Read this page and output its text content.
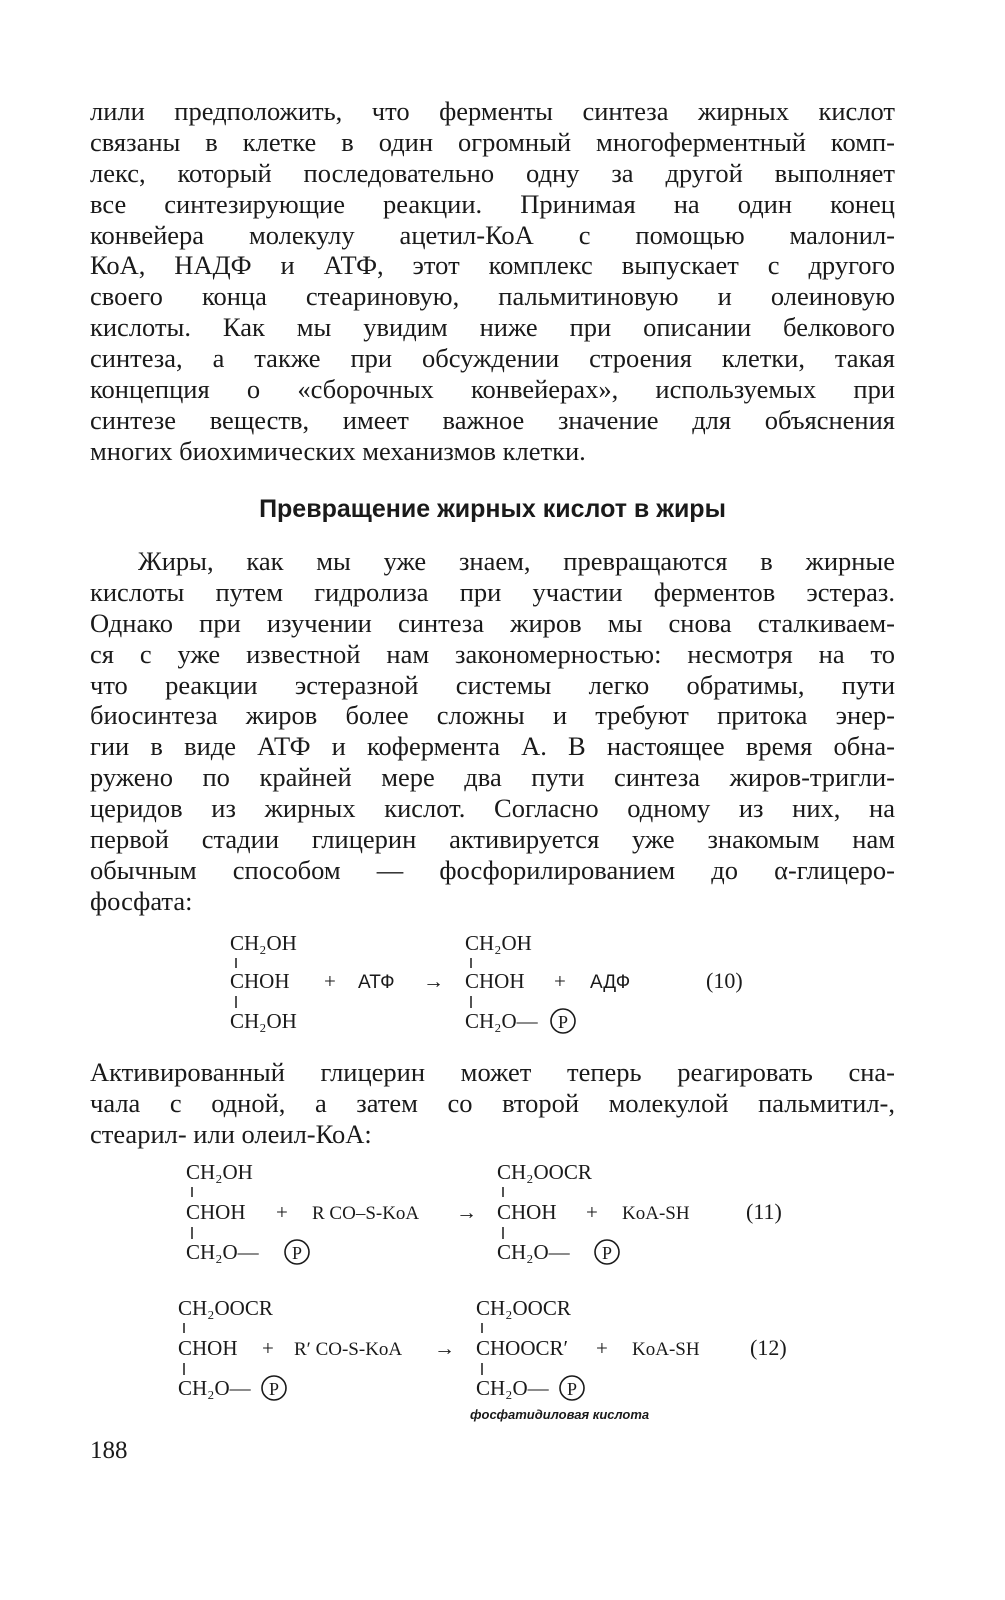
лили предположить, что ферменты синтеза жирных кислот
связаны в клетке в один огромный многоферментный комп-
лекс, который последовательно одну за другой выполняет
все синтезирующие реакции. Принимая на один конец
конвейера молекулу ацетил-КоА с помощью малонил-
КоА, НАДФ и АТФ, этот комплекс выпускает с другого
своего конца стеариновую, пальмитиновую и олеиновую
кислоты. Как мы увидим ниже при описании белкового
синтеза, а также при обсуждении строения клетки, такая
концепция о «сборочных конвейерах», используемых при
синтезе веществ, имеет важное значение для объяснения
многих биохимических механизмов клетки.
Превращение жирных кислот в жиры
Жиры, как мы уже знаем, превращаются в жирные
кислоты путем гидролиза при участии ферментов эстераз.
Однако при изучении синтеза жиров мы снова сталкиваем-
ся с уже известной нам закономерностью: несмотря на то
что реакции эстеразной системы легко обратимы, пути
биосинтеза жиров более сложны и требуют притока энер-
гии в виде АТФ и кофермента А. В настоящее время обна-
ружено по крайней мере два пути синтеза жиров-тригли-
церидов из жирных кислот. Согласно одному из них, на
первой стадии глицерин активируется уже знакомым нам
обычным способом — фосфорилированием до α-глицеро-
фосфата:
CH₂OH
CHOH
CH₂OH
+ АТФ →
CH₂OH
CHOH
CH₂O— P
+ АДФ	(10)
Активированный глицерин может теперь реагировать сна-
чала с одной, а затем со второй молекулой пальмитил-,
стеарил- или олеил-КоА:
CH₂OH
CHOH
CH₂O— P
+ R CO–S-KoA →
CH₂OOCR
CHOH
CH₂O— P
+ KoA-SH	(11)
CH₂OOCR
CHOH
CH₂O— P
+ R′ CO-S-KoA →
CH₂OOCR
CHOOCR′
CH₂O— P
+ KoA-SH (12)
фосфатидиловая кислота
188
